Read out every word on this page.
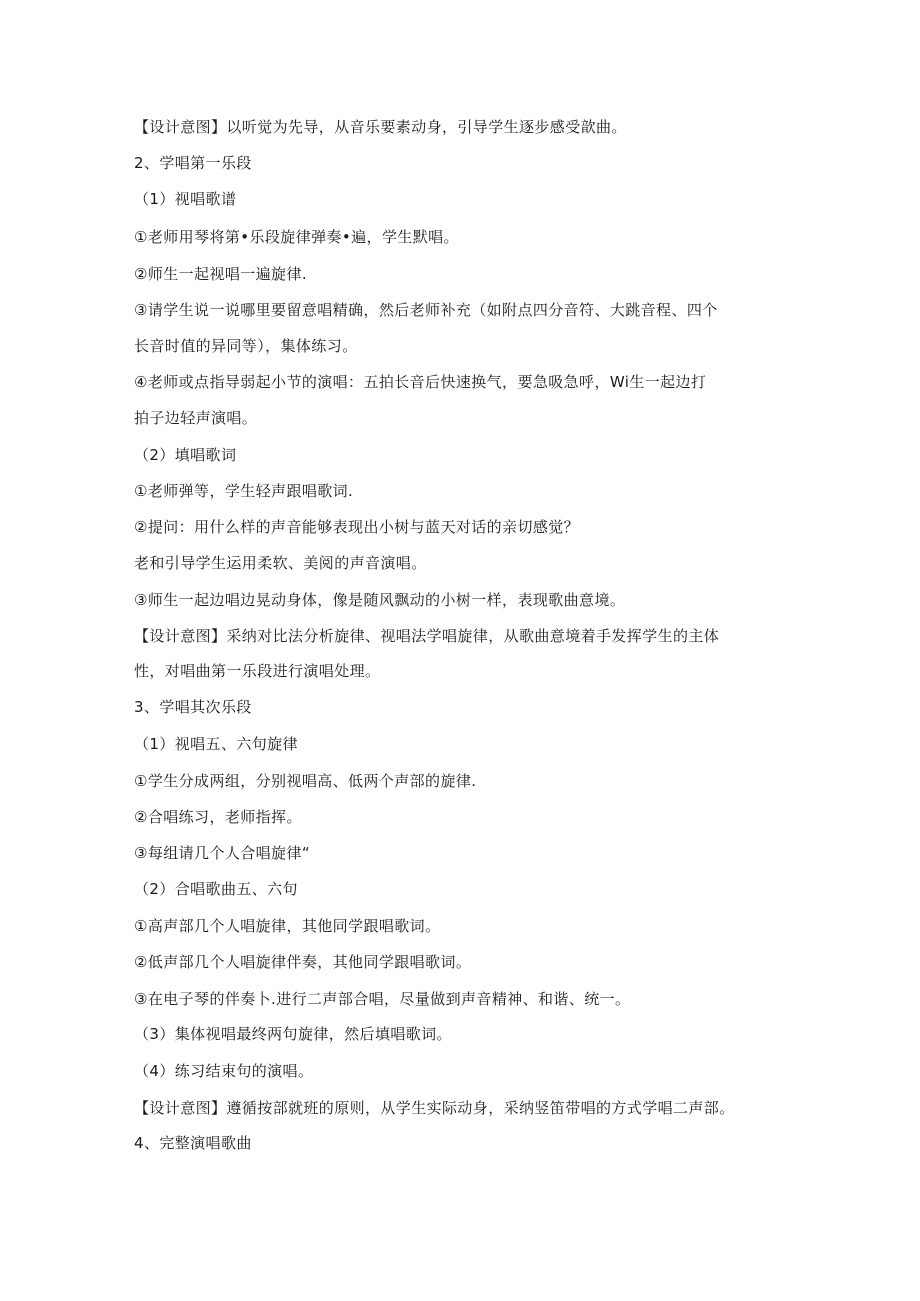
【设计意图】以听觉为先导，从音乐要素动身，引导学生逐步感受歆曲。
2、学唱第一乐段
（1）视唱歌谱
①老师用琴将第•乐段旋律弹奏•遍，学生默唱。
②师生一起视唱一遍旋律.
③请学生说一说哪里要留意唱精确，然后老师补充（如附点四分音符、大跳音程、四个
长音时值的异同等），集体练习。
④老师或点指导弱起小节的演唱：五拍长音后快速换气，要急吸急呼，Wi生一起边打
拍子边轻声演唱。
（2）填唱歌词
①老师弹等，学生轻声跟唱歌词.
②提问：用什么样的声音能够表现出小树与蓝天对话的亲切感觉？
老和引导学生运用柔软、美阅的声音演唱。
③师生一起边唱边晃动身体，像是随风飘动的小树一样，表现歌曲意境。
【设计意图】采纳对比法分析旋律、视唱法学唱旋律，从歌曲意境着手发挥学生的主体
性，对唱曲第一乐段进行演唱处理。
3、学唱其次乐段
（1）视唱五、六句旋律
①学生分成两组，分别视唱高、低两个声部的旋律.
②合唱练习，老师指挥。
③每组请几个人合唱旋律“
（2）合唱歌曲五、六句
①高声部几个人唱旋律，其他同学跟唱歌词。
②低声部几个人唱旋律伴奏，其他同学跟唱歌词。
③在电子琴的伴奏卜.进行二声部合唱，尽量做到声音精神、和谐、统一。
（3）集体视唱最终两句旋律，然后填唱歌词。
（4）练习结束句的演唱。
【设计意图】遵循按部就班的原则，从学生实际动身，采纳竖笛带唱的方式学唱二声部。
4、完整演唱歌曲
